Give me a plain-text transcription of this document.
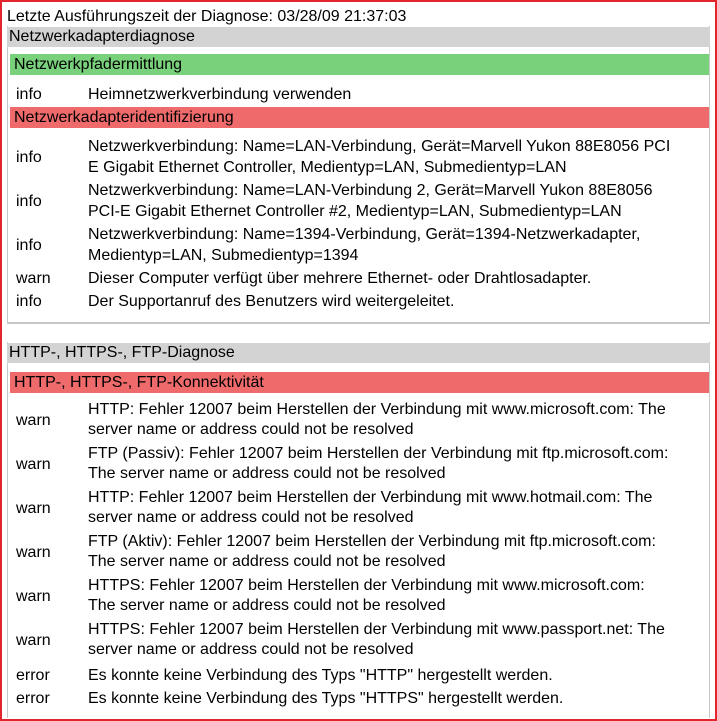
Letzte Ausführungszeit der Diagnose: 03/28/09 21:37:03
Netzwerkadapterdiagnose
Netzwerkpfadermittlung
info	Heimnetzwerkverbindung verwenden
Netzwerkadapteridentifizierung
info
Netzwerkverbindung: Name=LAN-Verbindung, Gerät=Marvell Yukon 88E8056 PCI
E Gigabit Ethernet Controller, Medientyp=LAN, Submedientyp=LAN
info
Netzwerkverbindung: Name=LAN-Verbindung 2, Gerät=Marvell Yukon 88E8056
PCI-E Gigabit Ethernet Controller #2, Medientyp=LAN, Submedientyp=LAN
info
Netzwerkverbindung: Name=1394-Verbindung, Gerät=1394-Netzwerkadapter,
Medientyp=LAN, Submedientyp=1394
warn Dieser Computer verfügt über mehrere Ethernet- oder Drahtlosadapter.
info	Der Supportanruf des Benutzers wird weitergeleitet.
HTTP-, HTTPS-, FTP-Diagnose
HTTP-, HTTPS-, FTP-Konnektivität
warn
HTTP: Fehler 12007 beim Herstellen der Verbindung mit www.microsoft.com: The
server name or address could not be resolved
warn
FTP (Passiv): Fehler 12007 beim Herstellen der Verbindung mit ftp.microsoft.com:
The server name or address could not be resolved
warn
HTTP: Fehler 12007 beim Herstellen der Verbindung mit www.hotmail.com: The
server name or address could not be resolved
warn
FTP (Aktiv): Fehler 12007 beim Herstellen der Verbindung mit ftp.microsoft.com:
The server name or address could not be resolved
warn
HTTPS: Fehler 12007 beim Herstellen der Verbindung mit www.microsoft.com:
The server name or address could not be resolved
warn
HTTPS: Fehler 12007 beim Herstellen der Verbindung mit www.passport.net: The
server name or address could not be resolved
error Es konnte keine Verbindung des Typs "HTTP" hergestellt werden.
error Es konnte keine Verbindung des Typs "HTTPS" hergestellt werden.
